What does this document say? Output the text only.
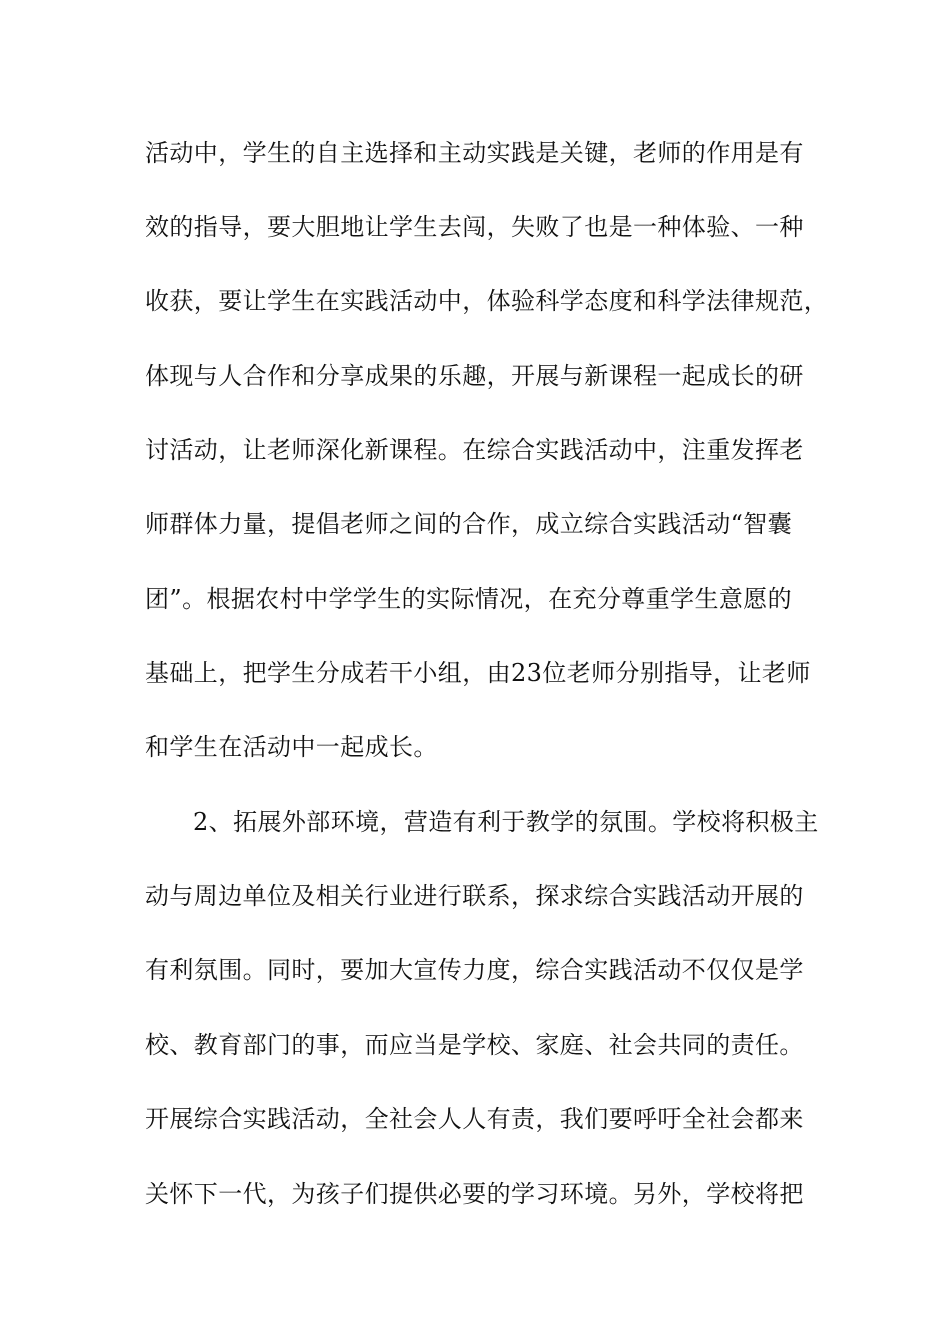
活动中，学生的自主选择和主动实践是关键，老师的作用是有

效的指导，要大胆地让学生去闯，失败了也是一种体验、一种

收获，要让学生在实践活动中，体验科学态度和科学法律规范，

体现与人合作和分享成果的乐趣，开展与新课程一起成长的研

讨活动，让老师深化新课程。在综合实践活动中，注重发挥老

师群体力量，提倡老师之间的合作，成立综合实践活动“智囊

团”。根据农村中学学生的实际情况，在充分尊重学生意愿的

基础上，把学生分成若干小组，由23位老师分别指导，让老师

和学生在活动中一起成长。

2、拓展外部环境，营造有利于教学的氛围。学校将积极主

动与周边单位及相关行业进行联系，探求综合实践活动开展的

有利氛围。同时，要加大宣传力度，综合实践活动不仅仅是学

校、教育部门的事，而应当是学校、家庭、社会共同的责任。

开展综合实践活动，全社会人人有责，我们要呼吁全社会都来

关怀下一代，为孩子们提供必要的学习环境。另外，学校将把
